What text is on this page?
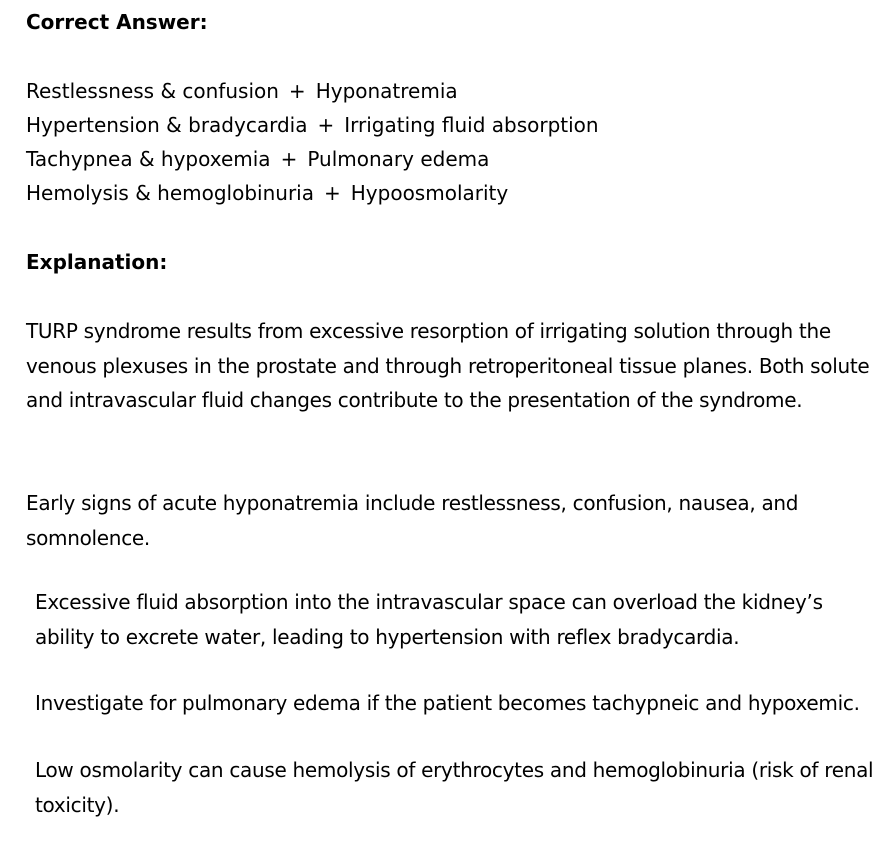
Correct Answer:
Restlessness & confusion + Hyponatremia
Hypertension & bradycardia + Irrigating fluid absorption
Tachypnea & hypoxemia + Pulmonary edema
Hemolysis & hemoglobinuria + Hypoosmolarity
Explanation:
TURP syndrome results from excessive resorption of irrigating solution through the venous plexuses in the prostate and through retroperitoneal tissue planes. Both solute and intravascular fluid changes contribute to the presentation of the syndrome.
Early signs of acute hyponatremia include restlessness, confusion, nausea, and somnolence.
Excessive fluid absorption into the intravascular space can overload the kidney’s ability to excrete water, leading to hypertension with reflex bradycardia.
Investigate for pulmonary edema if the patient becomes tachypneic and hypoxemic.
Low osmolarity can cause hemolysis of erythrocytes and hemoglobinuria (risk of renal toxicity).
